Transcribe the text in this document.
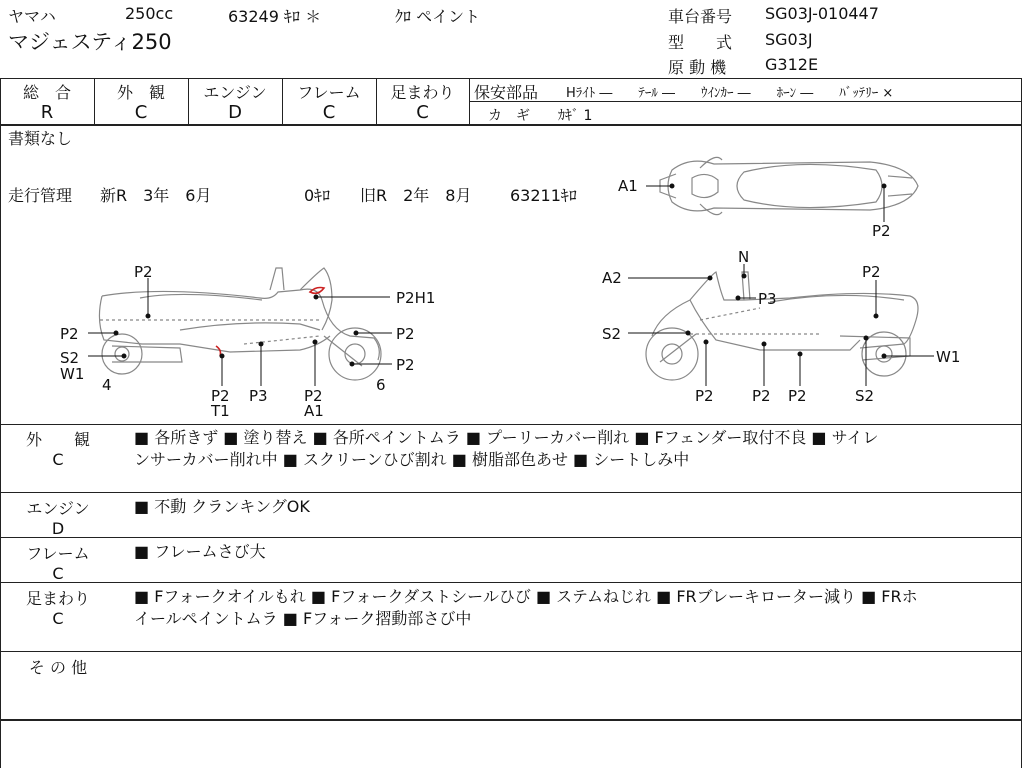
ヤマハ	250cc	63249 ｷﾛ ＊	ｸﾛ ペイント
マジェスティ250
車台番号 SG03J-010447
型　　式 SG03J
原 動 機 G312E
総　合
R
外　観
C
エンジン
D
フレーム
C
足まわり
C
保安部品 Hﾗｲﾄ ―　　ﾃｰﾙ ―　　ｳｲﾝｶｰ ―　　ﾎｰﾝ ―　　ﾊﾞｯﾃﾘｰ ×
カ　ギ　　ｶｷﾞ 1
書類なし
走行管理 新R　3年　6月	0ｷﾛ 旧R　2年　8月 63211ｷﾛ	A1
P2
P2
P2H1
P2
S2
W1
P2
P2
4	6
P2
T1
P3 P2
A1
N
A2	P2
P3
S2
W1
P2	P2 P2	S2
外　　観
C
■ 各所きず ■ 塗り替え ■ 各所ペイントムラ ■ プーリーカバー削れ ■ Fフェンダー取付不良 ■ サイレ
ンサーカバー削れ中 ■ スクリーンひび割れ ■ 樹脂部色あせ ■ シートしみ中
エンジン
D
■ 不動 クランキングOK
フレーム
C
■ フレームさび大
足まわり
C
■ Fフォークオイルもれ ■ Fフォークダストシールひび ■ ステムねじれ ■ FRブレーキローター減り ■ FRホ
イールペイントムラ ■ Fフォーク摺動部さび中
そ の 他
